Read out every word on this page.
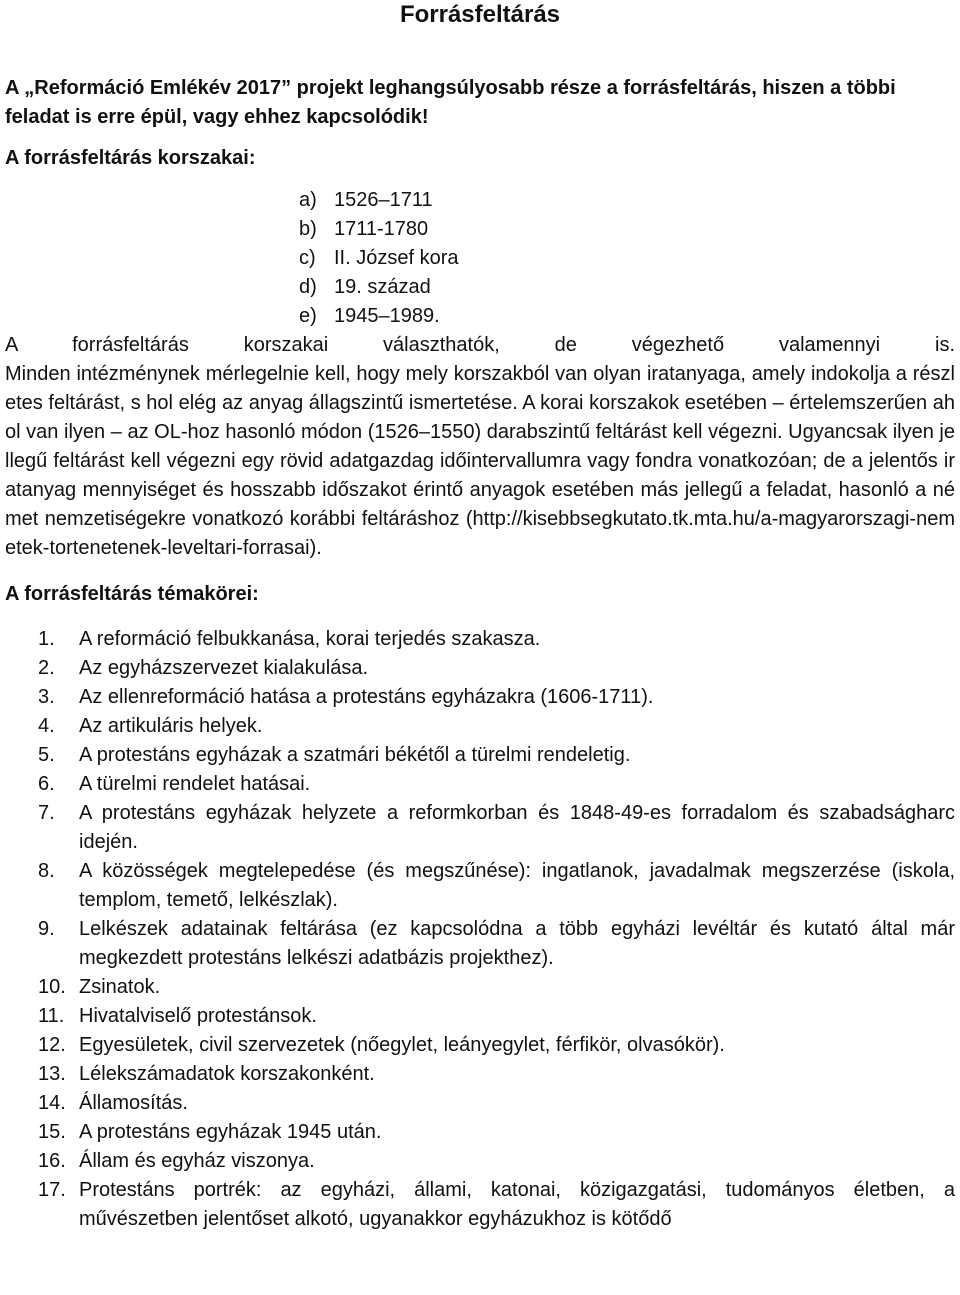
Forrásfeltárás

A „Reformáció Emlékév 2017” projekt leghangsúlyosabb része a forrásfeltárás, hiszen a többi feladat is erre épül, vagy ehhez kapcsolódik!

A forrásfeltárás korszakai:

a) 1526–1711
b) 1711-1780
c) II. József kora
d) 19. század
e) 1945–1989.

A forrásfeltárás korszakai választhatók, de végezhető valamennyi is.

Minden intézménynek mérlegelnie kell, hogy mely korszakból van olyan iratanyaga, amely indokolja a részletes feltárást, s hol elég az anyag állagszintű ismertetése. A korai korszakok esetében – értelemszerűen ahol van ilyen – az OL-hoz hasonló módon (1526–1550) darabszintű feltárást kell végezni. Ugyancsak ilyen jellegű feltárást kell végezni egy rövid adatgazdag időintervallumra vagy fondra vonatkozóan; de a jelentős iratanyag mennyiséget és hosszabb időszakot érintő anyagok esetében más jellegű a feladat, hasonló a német nemzetiségekre vonatkozó korábbi feltáráshoz (http://kisebbsegkutato.tk.mta.hu/a-magyarorszagi-nemetek-tortenetenek-leveltari-forrasai).

A forrásfeltárás témakörei:

1.	A reformáció felbukkanása, korai terjedés szakasza.
2.	Az egyházszervezet kialakulása.
3.	Az ellenreformáció hatása a protestáns egyházakra (1606-1711).
4.	Az artikuláris helyek.
5.	A protestáns egyházak a szatmári békétől a türelmi rendeletig.
6.	A türelmi rendelet hatásai.
7.	A protestáns egyházak helyzete a reformkorban és 1848-49-es forradalom és szabadságharc idején.
8.	A közösségek megtelepedése (és megszűnése): ingatlanok, javadalmak megszerzése (iskola, templom, temető, lelkészlak).
9.	Lelkészek adatainak feltárása (ez kapcsolódna a több egyházi levéltár és kutató által már megkezdett protestáns lelkészi adatbázis projekthez).
10. Zsinatok.
11. Hivatalviselő protestánsok.
12. Egyesületek, civil szervezetek (nőegylet, leányegylet, férfikör, olvasókör).
13. Lélekszámadatok korszakonként.
14. Államosítás.
15. A protestáns egyházak 1945 után.
16. Állam és egyház viszonya.
17. Protestáns portrék: az egyházi, állami, katonai, közigazgatási, tudományos életben, a művészetben jelentőset alkotó, ugyanakkor egyházukhoz is kötődő
